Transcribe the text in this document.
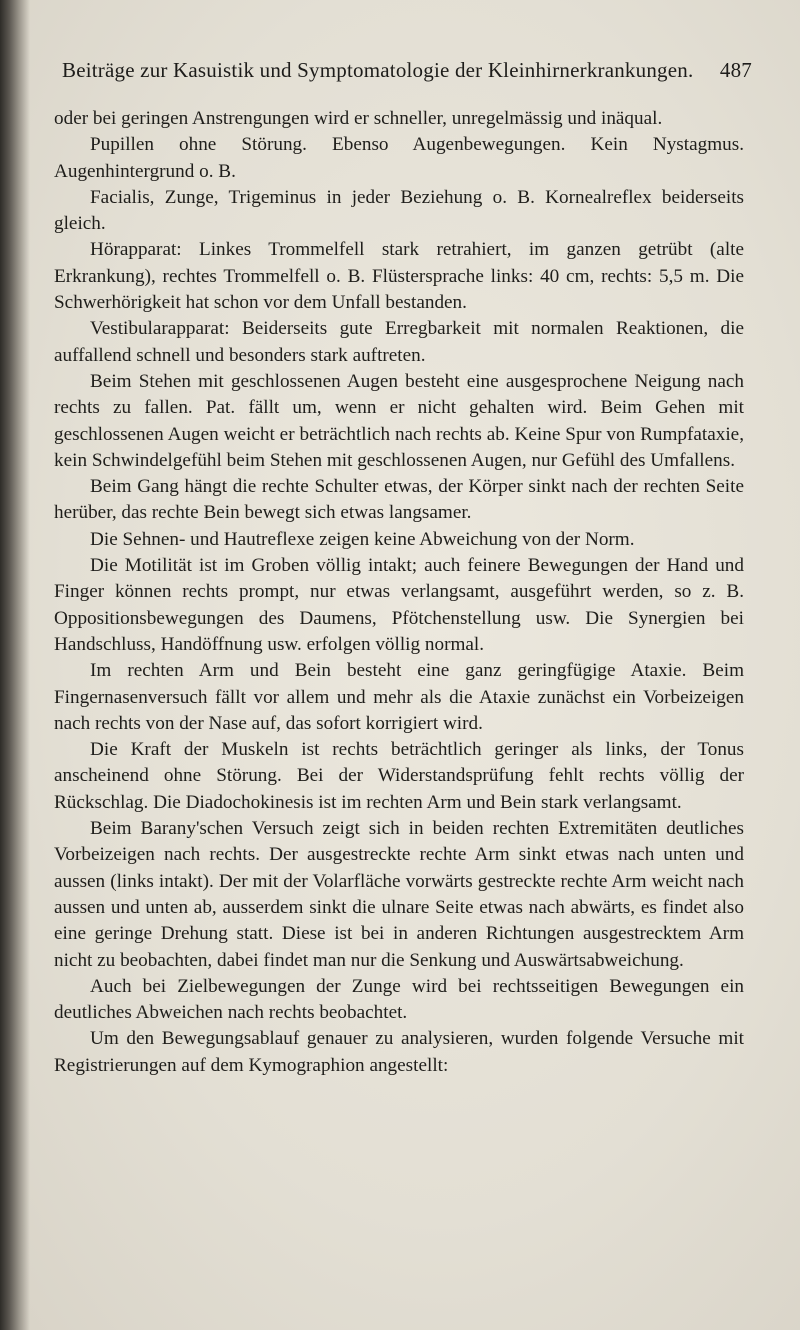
Beiträge zur Kasuistik und Symptomatologie der Kleinhirnerkrankungen. 487

oder bei geringen Anstrengungen wird er schneller, unregelmässig und inäqual.

Pupillen ohne Störung. Ebenso Augenbewegungen. Kein Nystagmus. Augenhintergrund o. B.

Facialis, Zunge, Trigeminus in jeder Beziehung o. B. Kornealreflex beiderseits gleich.

Hörapparat: Linkes Trommelfell stark retrahiert, im ganzen getrübt (alte Erkrankung), rechtes Trommelfell o. B. Flüstersprache links: 40 cm, rechts: 5,5 m. Die Schwerhörigkeit hat schon vor dem Unfall bestanden.

Vestibularapparat: Beiderseits gute Erregbarkeit mit normalen Reaktionen, die auffallend schnell und besonders stark auftreten.

Beim Stehen mit geschlossenen Augen besteht eine ausgesprochene Neigung nach rechts zu fallen. Pat. fällt um, wenn er nicht gehalten wird. Beim Gehen mit geschlossenen Augen weicht er beträchtlich nach rechts ab. Keine Spur von Rumpfataxie, kein Schwindelgefühl beim Stehen mit geschlossenen Augen, nur Gefühl des Umfallens.

Beim Gang hängt die rechte Schulter etwas, der Körper sinkt nach der rechten Seite herüber, das rechte Bein bewegt sich etwas langsamer.

Die Sehnen- und Hautreflexe zeigen keine Abweichung von der Norm.

Die Motilität ist im Groben völlig intakt; auch feinere Bewegungen der Hand und Finger können rechts prompt, nur etwas verlangsamt, ausgeführt werden, so z. B. Oppositionsbewegungen des Daumens, Pfötchenstellung usw. Die Synergien bei Handschluss, Handöffnung usw. erfolgen völlig normal.

Im rechten Arm und Bein besteht eine ganz geringfügige Ataxie. Beim Fingernasenversuch fällt vor allem und mehr als die Ataxie zunächst ein Vorbeizeigen nach rechts von der Nase auf, das sofort korrigiert wird.

Die Kraft der Muskeln ist rechts beträchtlich geringer als links, der Tonus anscheinend ohne Störung. Bei der Widerstandsprüfung fehlt rechts völlig der Rückschlag. Die Diadochokinesis ist im rechten Arm und Bein stark verlangsamt.

Beim Barany'schen Versuch zeigt sich in beiden rechten Extremitäten deutliches Vorbeizeigen nach rechts. Der ausgestreckte rechte Arm sinkt etwas nach unten und aussen (links intakt). Der mit der Volarfläche vorwärts gestreckte rechte Arm weicht nach aussen und unten ab, ausserdem sinkt die ulnare Seite etwas nach abwärts, es findet also eine geringe Drehung statt. Diese ist bei in anderen Richtungen ausgestrecktem Arm nicht zu beobachten, dabei findet man nur die Senkung und Auswärtsabweichung.

Auch bei Zielbewegungen der Zunge wird bei rechtsseitigen Bewegungen ein deutliches Abweichen nach rechts beobachtet.

Um den Bewegungsablauf genauer zu analysieren, wurden folgende Versuche mit Registrierungen auf dem Kymographion angestellt:
